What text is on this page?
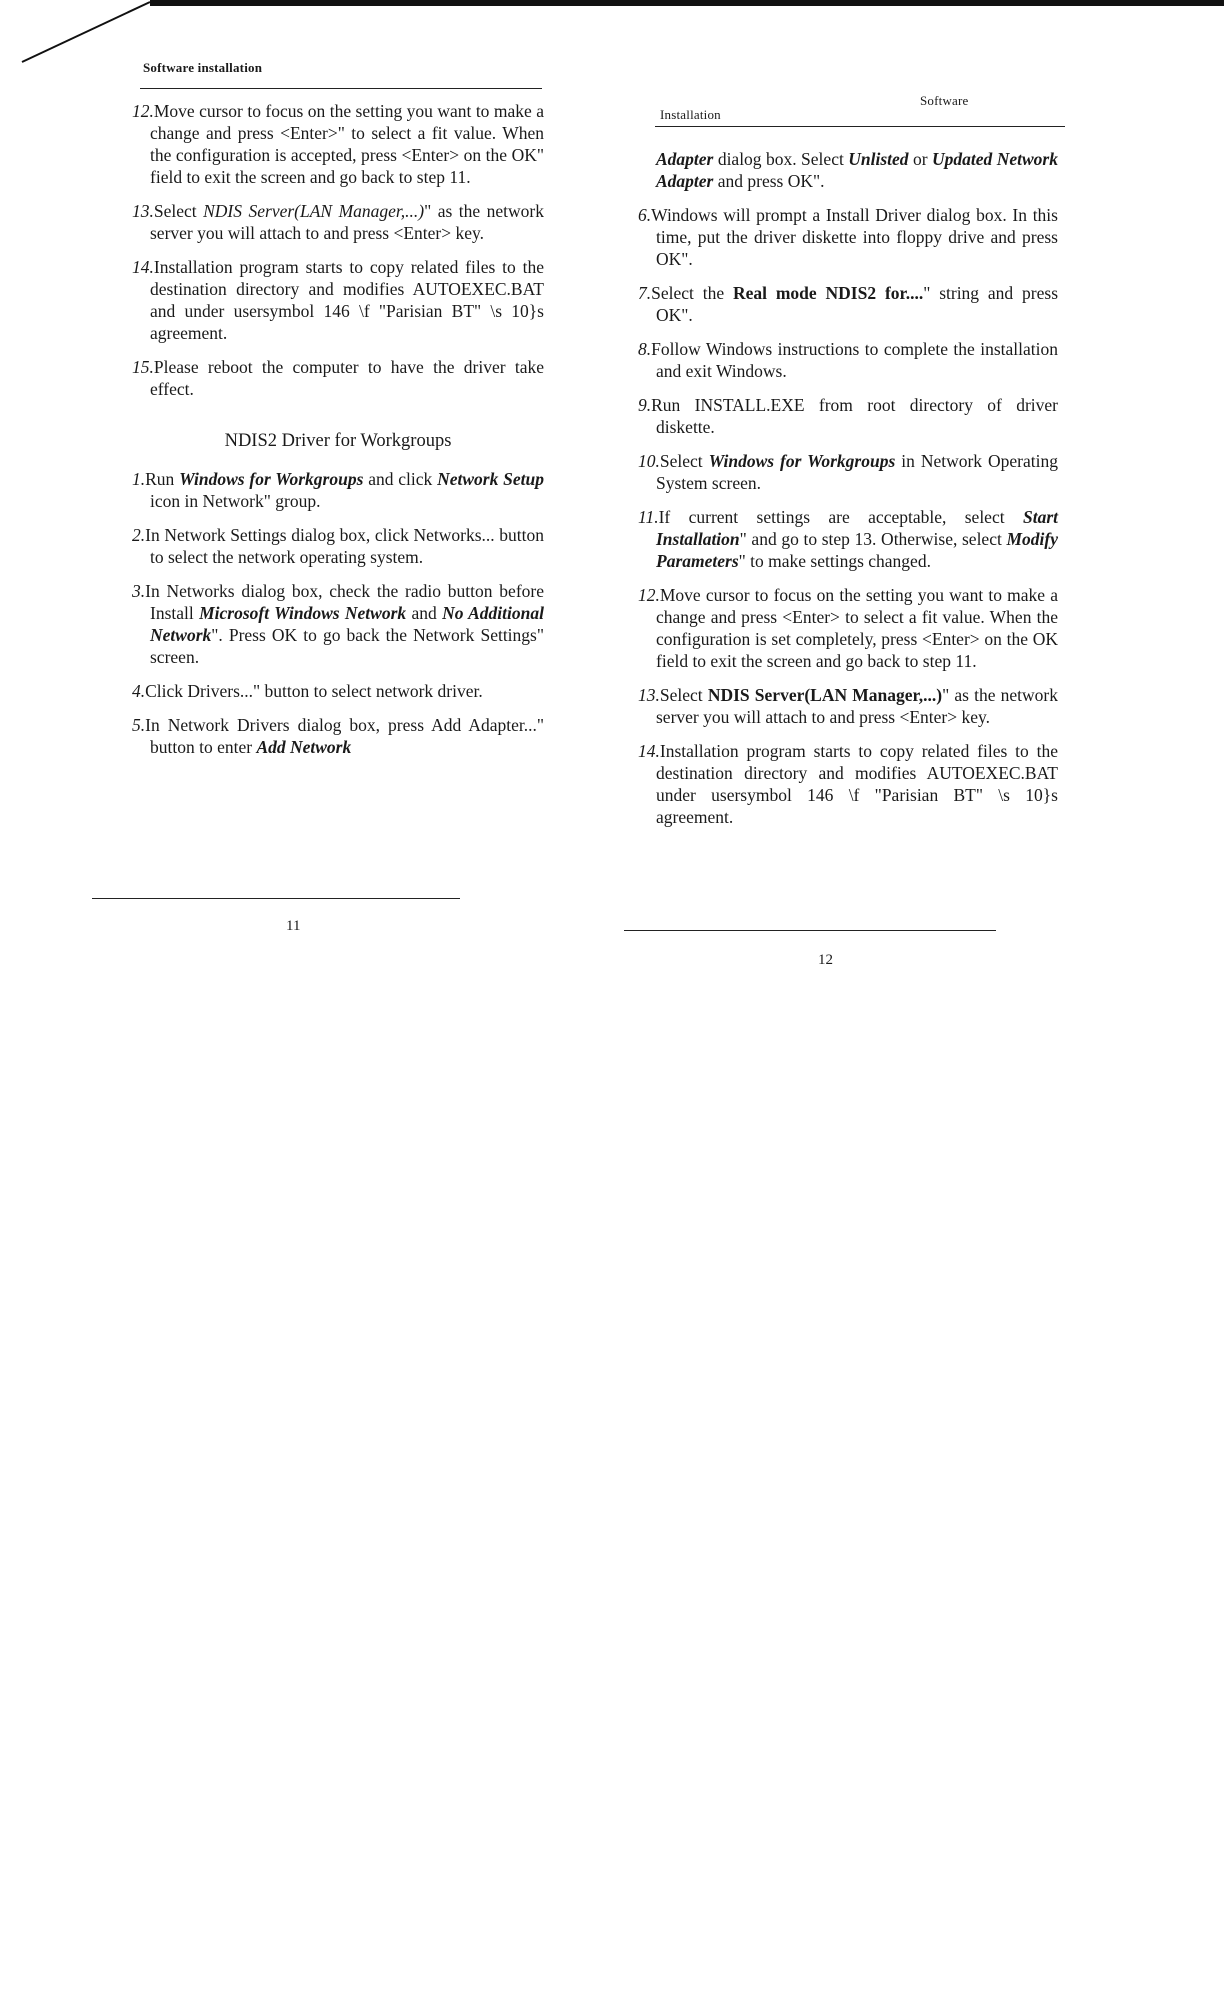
Software installation

12.Move cursor to focus on the setting you want to make a change and press <Enter>" to select a fit value. When the configuration is accepted, press <Enter> on the OK" field to exit the screen and go back to step 11.

13.Select NDIS Server(LAN Manager,...)" as the network server you will attach to and press <Enter> key.

14.Installation program starts to copy related files to the destination directory and modifies AUTOEXEC.BAT and under usersymbol 146 \f "Parisian BT" \s 10}s agreement.

15.Please reboot the computer to have the driver take effect.

NDIS2 Driver for Workgroups

1.Run Windows for Workgroups and click Network Setup icon in Network" group.

2.In Network Settings dialog box, click Networks... button to select the network operating system.

3.In Networks dialog box, check the radio button before Install Microsoft Windows Network and No Additional Network". Press OK to go back the Network Settings" screen.

4.Click Drivers..." button to select network driver.

5.In Network Drivers dialog box, press Add Adapter..." button to enter Add Network

11
Software
Installation

Adapter dialog box. Select Unlisted or Updated Network Adapter and press OK".

6.Windows will prompt a Install Driver dialog box. In this time, put the driver diskette into floppy drive and press OK".

7.Select the Real mode NDIS2 for...." string and press OK".

8.Follow Windows instructions to complete the installation and exit Windows.

9.Run INSTALL.EXE from root directory of driver diskette.

10.Select Windows for Workgroups in Network Operating System screen.

11.If current settings are acceptable, select Start Installation" and go to step 13. Otherwise, select Modify Parameters" to make settings changed.

12.Move cursor to focus on the setting you want to make a change and press <Enter> to select a fit value. When the configuration is set completely, press <Enter> on the OK field to exit the screen and go back to step 11.

13.Select NDIS Server(LAN Manager,...)" as the network server you will attach to and press <Enter> key.

14.Installation program starts to copy related files to the destination directory and modifies AUTOEXEC.BAT under usersymbol 146 \f "Parisian BT" \s 10}s agreement.

12
